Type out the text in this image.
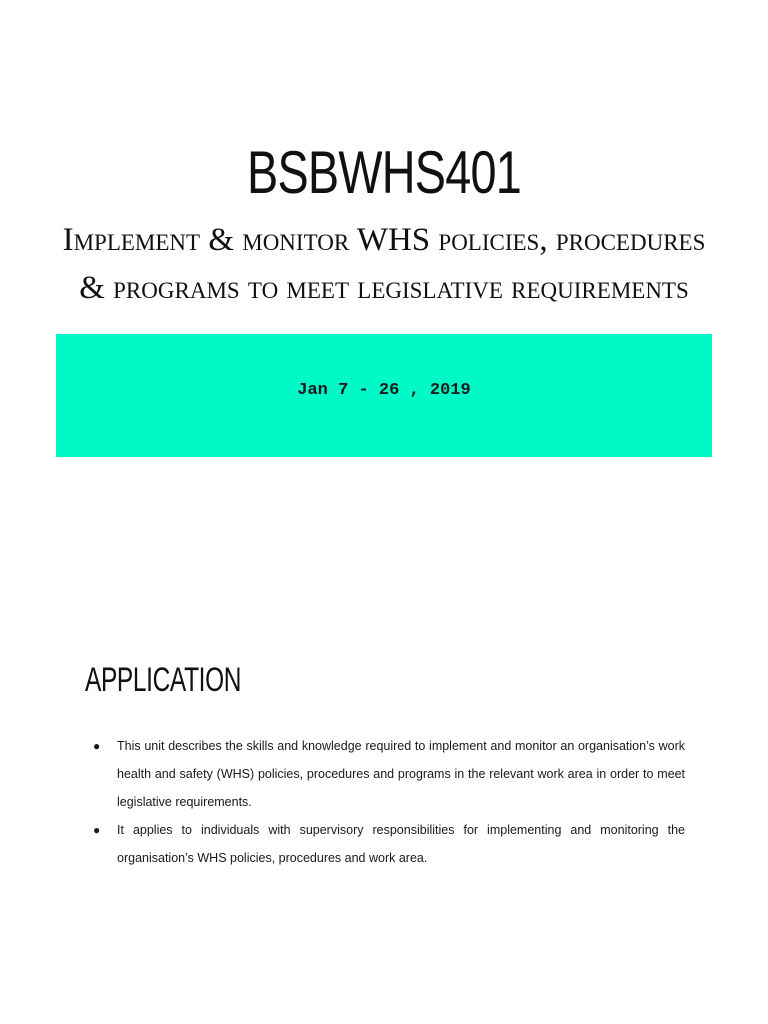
BSBWHS401
Implement & monitor WHS policies, procedures & programs to meet legislative requirements
Jan 7 - 26 , 2019
APPLICATION
● This unit describes the skills and knowledge required to implement and monitor an organisation’s work health and safety (WHS) policies, procedures and programs in the relevant work area in order to meet legislative requirements.
● It applies to individuals with supervisory responsibilities for implementing and monitoring the organisation’s WHS policies, procedures and work area.
